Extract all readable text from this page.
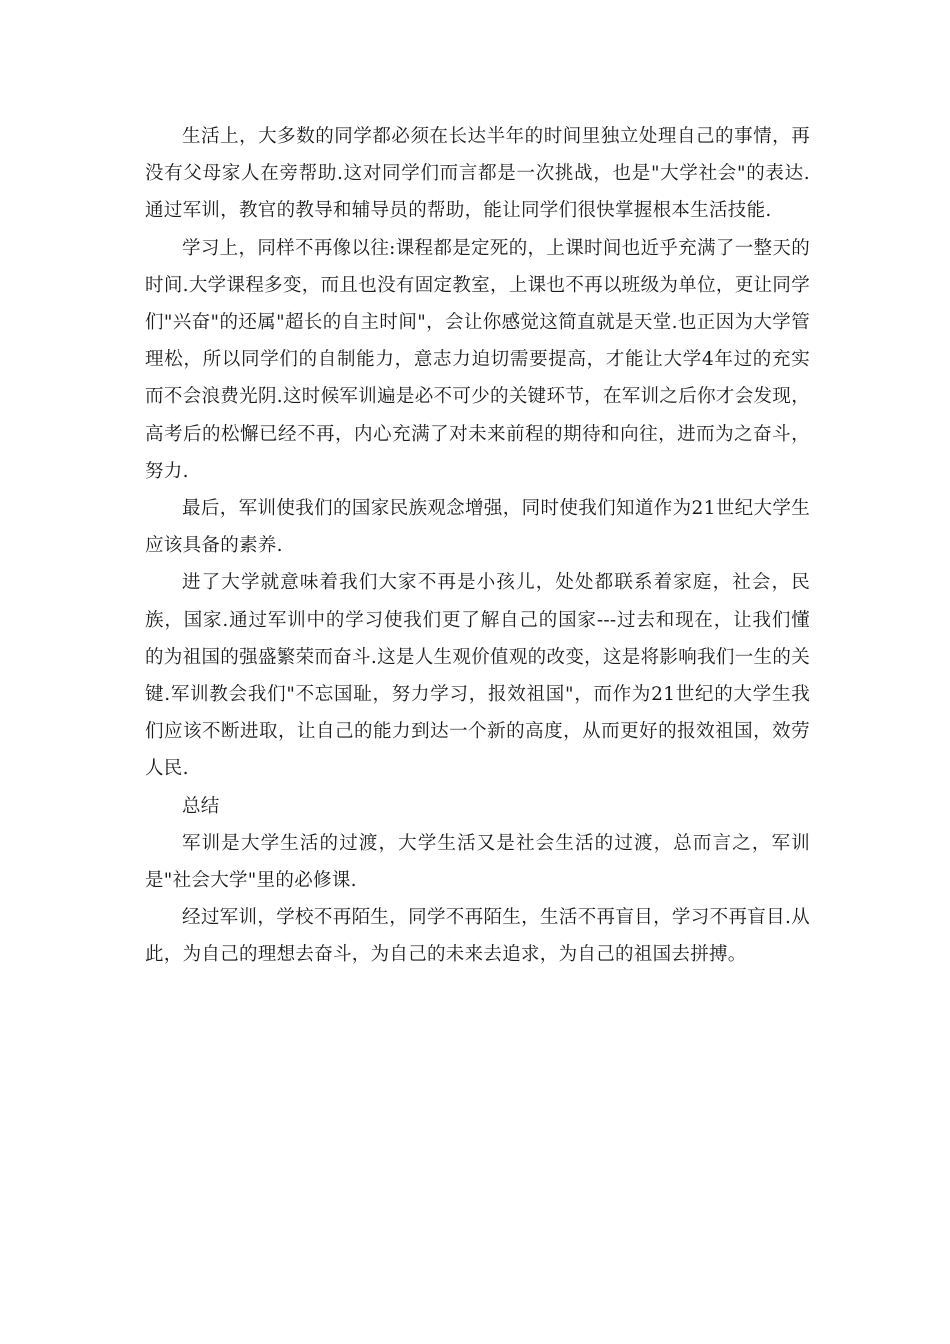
生活上，大多数的同学都必须在长达半年的时间里独立处理自己的事情，再没有父母家人在旁帮助.这对同学们而言都是一次挑战，也是"大学社会"的表达.通过军训，教官的教导和辅导员的帮助，能让同学们很快掌握根本生活技能.

学习上，同样不再像以往:课程都是定死的，上课时间也近乎充满了一整天的时间.大学课程多变，而且也没有固定教室，上课也不再以班级为单位，更让同学们"兴奋"的还属"超长的自主时间"，会让你感觉这简直就是天堂.也正因为大学管理松，所以同学们的自制能力，意志力迫切需要提高，才能让大学4年过的充实而不会浪费光阴.这时候军训遍是必不可少的关键环节，在军训之后你才会发现，高考后的松懈已经不再，内心充满了对未来前程的期待和向往，进而为之奋斗，努力.

最后，军训使我们的国家民族观念增强，同时使我们知道作为21世纪大学生应该具备的素养.

进了大学就意味着我们大家不再是小孩儿，处处都联系着家庭，社会，民族，国家.通过军训中的学习使我们更了解自己的国家---过去和现在，让我们懂的为祖国的强盛繁荣而奋斗.这是人生观价值观的改变，这是将影响我们一生的关键.军训教会我们"不忘国耻，努力学习，报效祖国"，而作为21世纪的大学生我们应该不断进取，让自己的能力到达一个新的高度，从而更好的报效祖国，效劳人民.

总结

军训是大学生活的过渡，大学生活又是社会生活的过渡，总而言之，军训是"社会大学"里的必修课.

经过军训，学校不再陌生，同学不再陌生，生活不再盲目，学习不再盲目.从此，为自己的理想去奋斗，为自己的未来去追求，为自己的祖国去拼搏。
